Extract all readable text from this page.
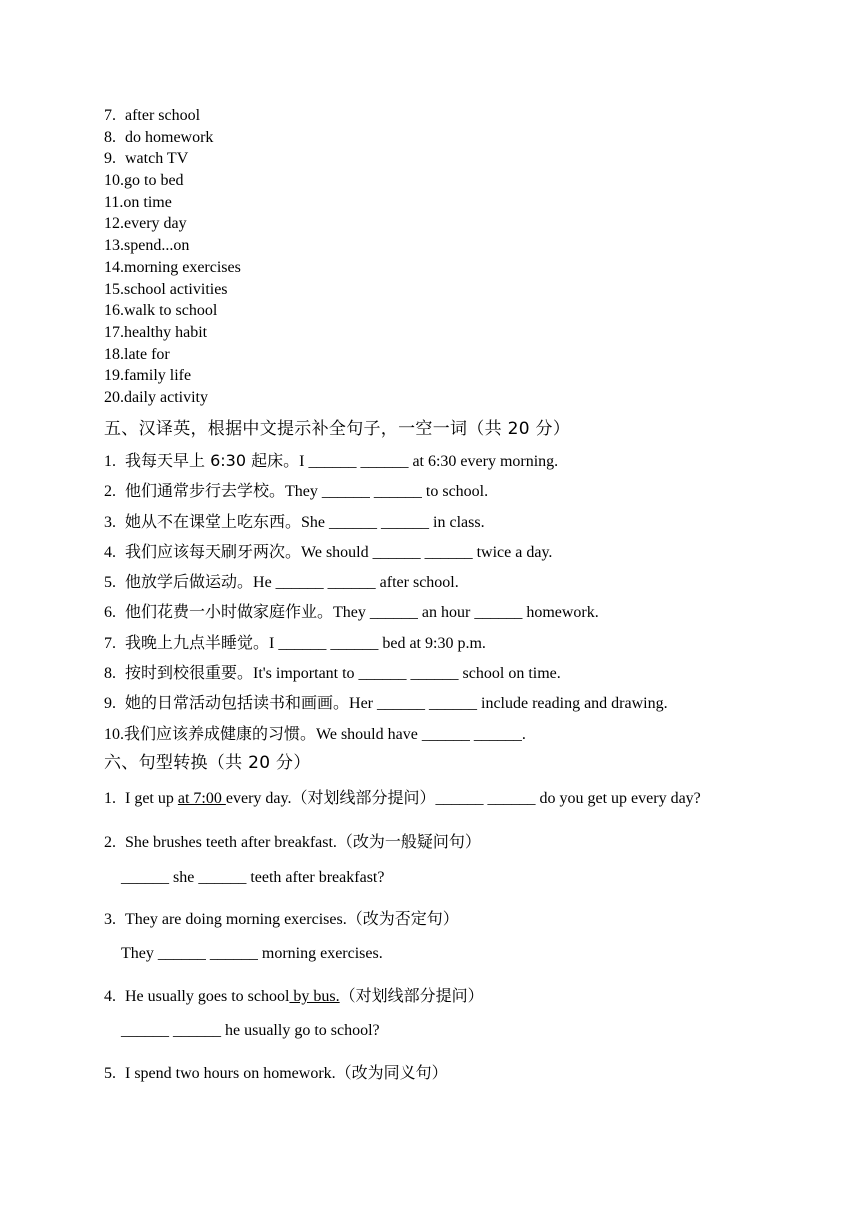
7. after school
8. do homework
9. watch TV
10.go to bed
11.on time
12.every day
13.spend...on
14.morning exercises
15.school activities
16.walk to school
17.healthy habit
18.late for
19.family life
20.daily activity
五、汉译英，根据中文提示补全句子，一空一词（共 20 分）
1. 我每天早上 6:30 起床。I ______ ______ at 6:30 every morning.
2. 他们通常步行去学校。They ______ ______ to school.
3. 她从不在课堂上吃东西。She ______ ______ in class.
4. 我们应该每天刷牙两次。We should ______ ______ twice a day.
5. 他放学后做运动。He ______ ______ after school.
6. 他们花费一小时做家庭作业。They ______ an hour ______ homework.
7. 我晚上九点半睡觉。I ______ ______ bed at 9:30 p.m.
8. 按时到校很重要。It's important to ______ ______ school on time.
9. 她的日常活动包括读书和画画。Her ______ ______ include reading and drawing.
10.我们应该养成健康的习惯。We should have ______ ______.
六、句型转换（共 20 分）
1. I get up at 7:00 every day.（对划线部分提问）______ ______ do you get up every day?
2. She brushes teeth after breakfast.（改为一般疑问句）
______ she ______ teeth after breakfast?
3. They are doing morning exercises.（改为否定句）
They ______ ______ morning exercises.
4. He usually goes to school by bus.（对划线部分提问）
______ ______ he usually go to school?
5. I spend two hours on homework.（改为同义句）
